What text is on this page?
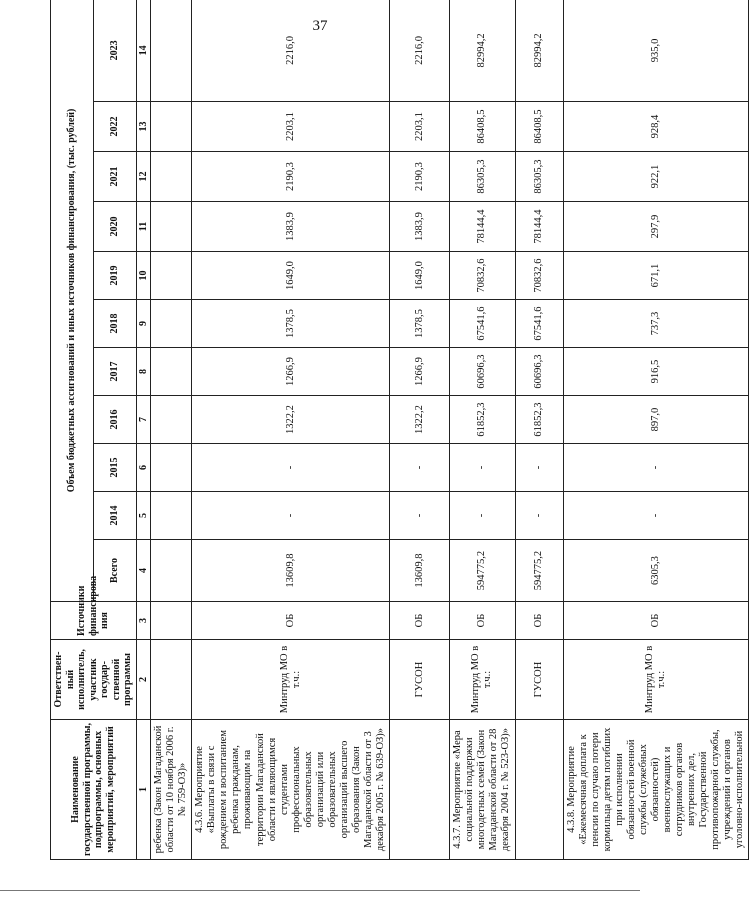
37
Наименование государственной программы, подпрограммы, основных мероприятий, мероприятий	Ответствен-ный исполнитель, участник государ-ственной программы	Источники финансирова-ния	Объем бюджетных ассигнований и иных источников финансирования, (тыс. рублей)										
			Всего	2014	2015	2016	2017	2018	2019	2020	2021	2022	2023
1	2	3	4	5	6	7	8	9	10	11	12	13	14
ребенка (Закон Магаданской области от 10 ноября 2006 г. № 759-ОЗ)»													
4.3.6. Мероприятие «Выплаты в связи с рождением и воспитанием ребенка гражданам, проживающим на территории Магаданской области и являющимся студентами профессиональных образовательных организаций или образовательных организаций высшего образования (Закон Магаданской области от 3 декабря 2005 г. № 639-ОЗ)»	Минтруд МО в т.ч.:	ОБ	13609,8	-	-	1322,2	1266,9	1378,5	1649,0	1383,9	2190,3	2203,1	2216,0
	ГУСОН	ОБ	13609,8	-	-	1322,2	1266,9	1378,5	1649,0	1383,9	2190,3	2203,1	2216,0
4.3.7. Мероприятие «Мера социальной поддержки многодетных семей (Закон Магаданской области от 28 декабря 2004 г. № 523-ОЗ)»	Минтруд МО в т.ч.:	ОБ	594775,2	-	-	61852,3	60696,3	67541,6	70832,6	78144,4	86305,3	86408,5	82994,2
	ГУСОН	ОБ	594775,2	-	-	61852,3	60696,3	67541,6	70832,6	78144,4	86305,3	86408,5	82994,2
4.3.8. Мероприятие «Ежемесячная доплата к пенсии по случаю потери кормильца детям погибших при исполнении обязанностей военной службы (служебных обязанностей) военнослужащих и сотрудников органов внутренних дел, Государственной противопожарной службы, учреждений и органов уголовно-исполнительной	Минтруд МО в т.ч.:	ОБ	6305,3	-	-	897,0	916,5	737,3	671,1	297,9	922,1	928,4	935,0
